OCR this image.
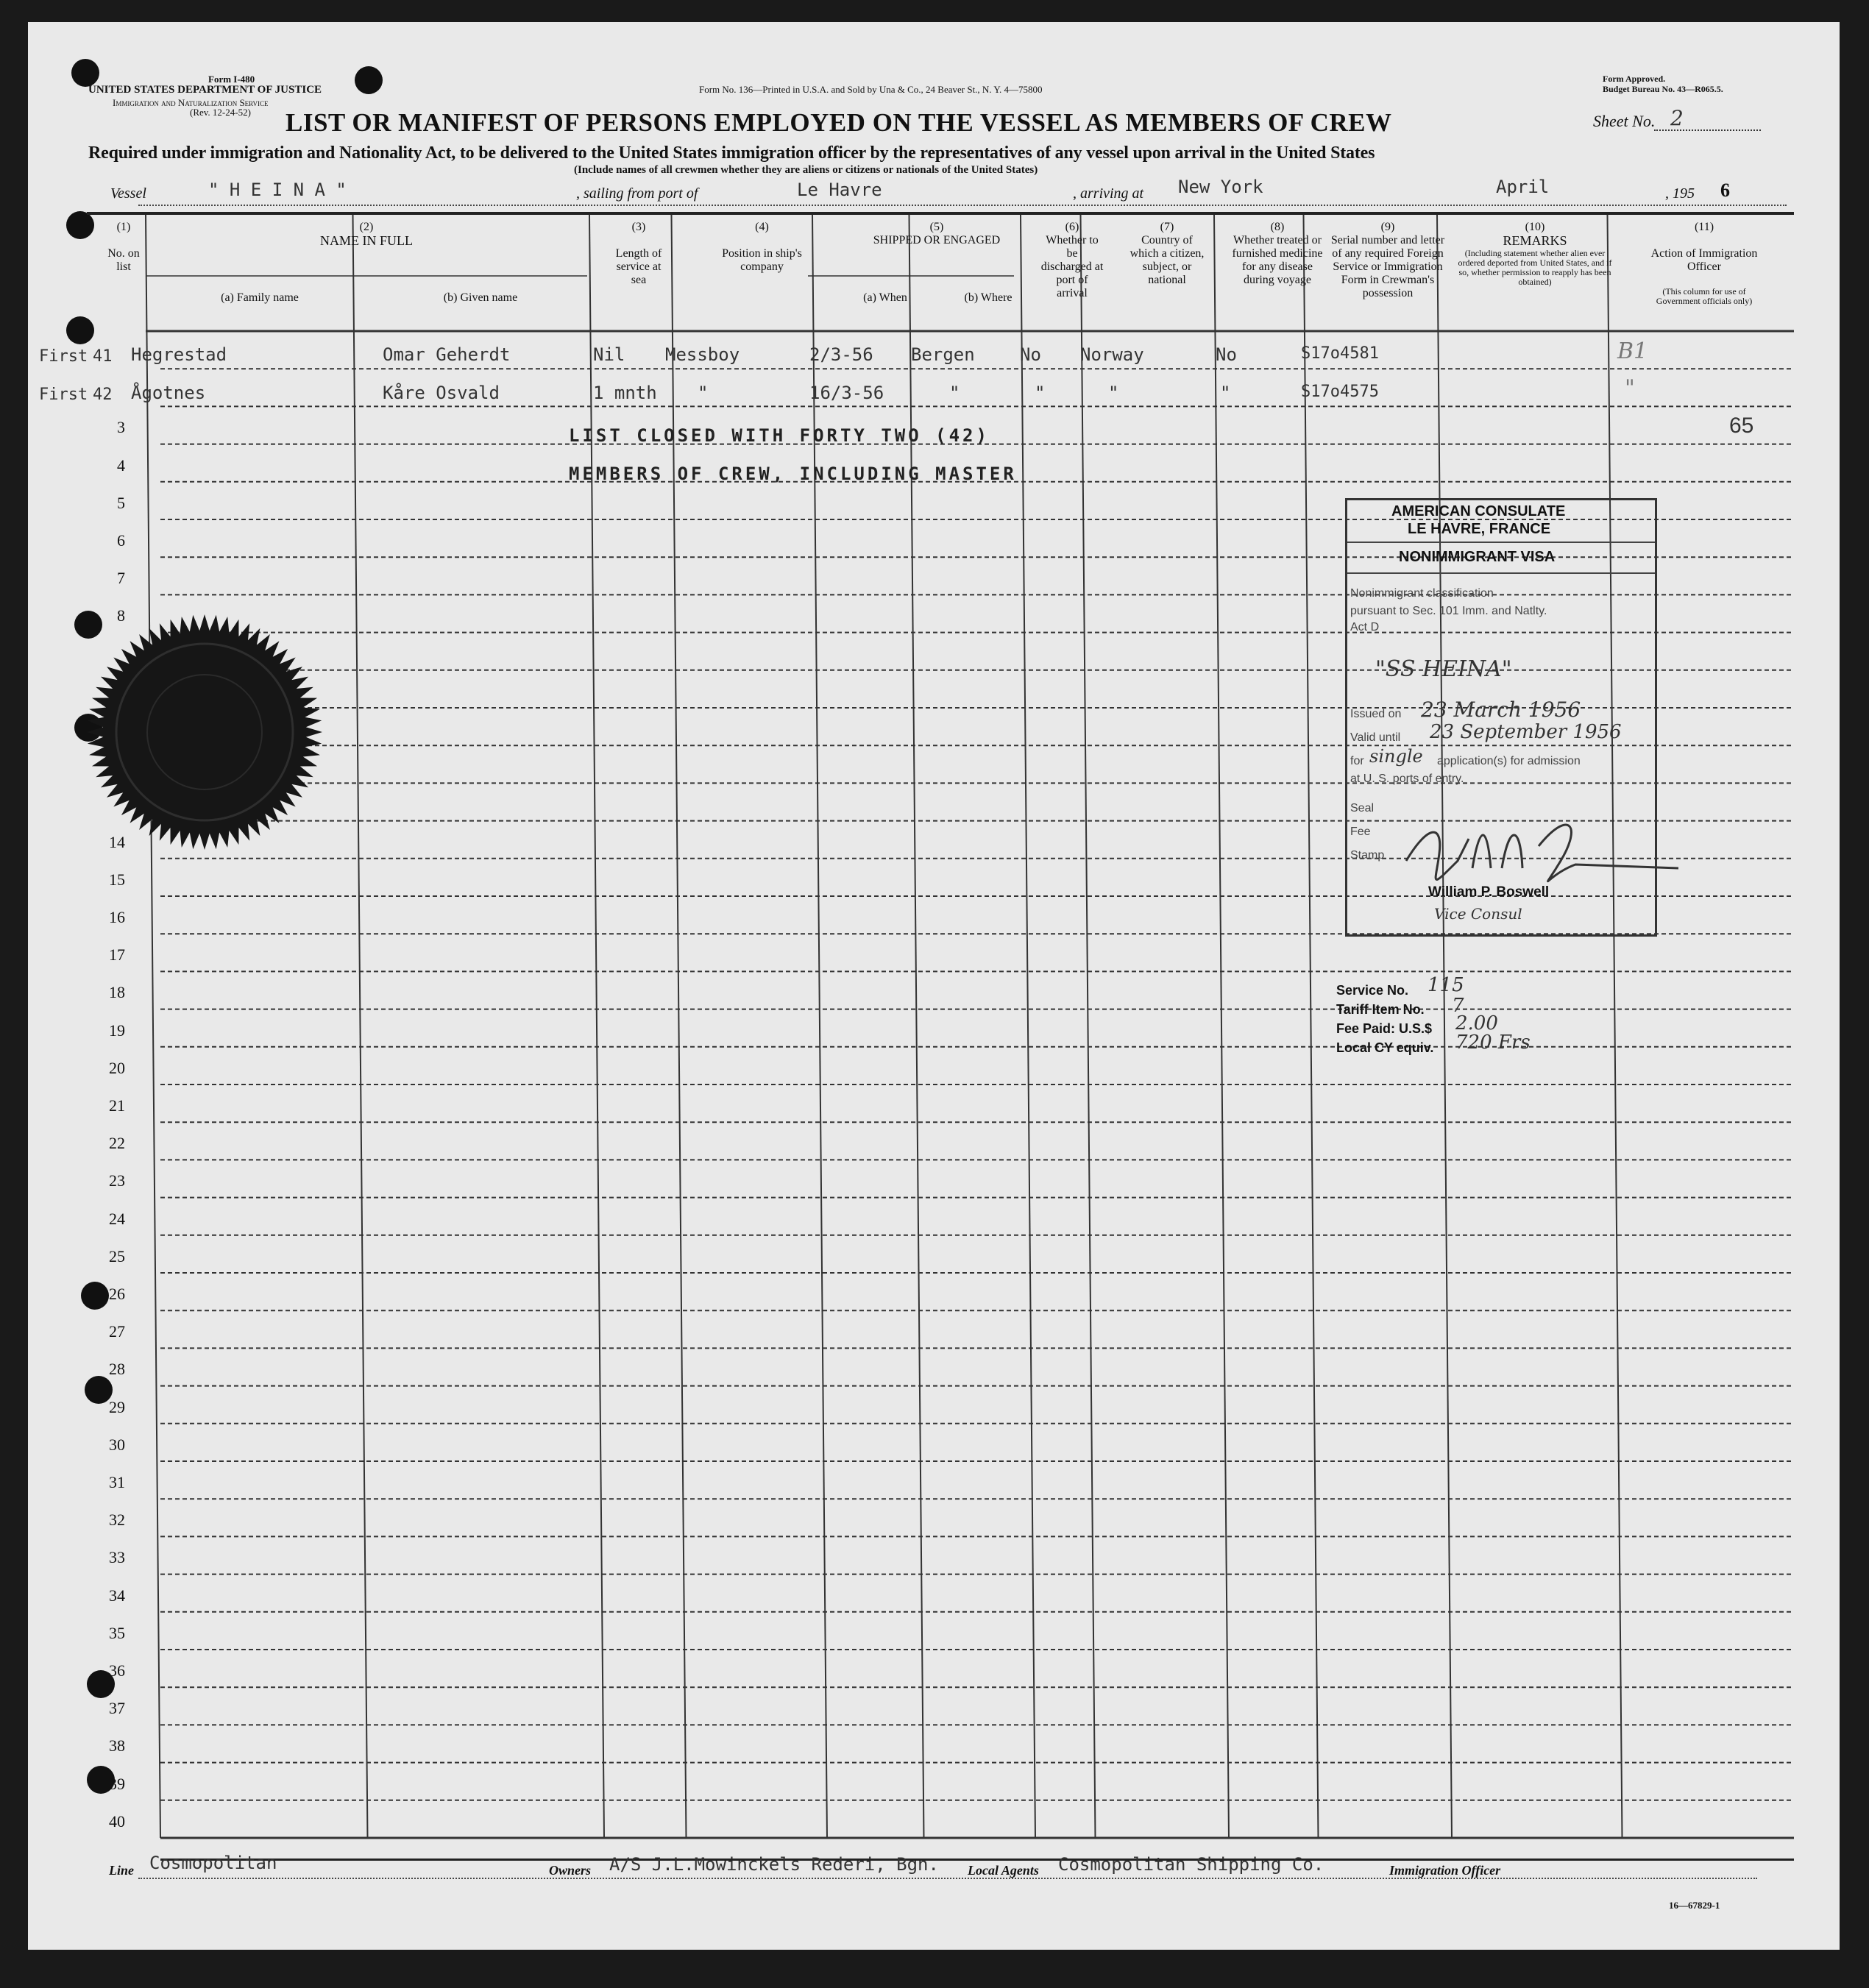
Form I-480
UNITED STATES DEPARTMENT OF JUSTICE
Immigration and Naturalization Service
(Rev. 12-24-52)
Form No. 136—Printed in U.S.A. and Sold by Una & Co., 24 Beaver St., N. Y. 4—75800
Form Approved.
Budget Bureau No. 43—R065.5.
LIST OR MANIFEST OF PERSONS EMPLOYED ON THE VESSEL AS MEMBERS OF CREW	Sheet No. 2
Required under immigration and Nationality Act, to be delivered to the United States immigration officer by the representatives of any vessel upon arrival in the United States
(Include names of all crewmen whether they are aliens or citizens or nationals of the United States)
Vessel	" H E I N A "	, sailing from port of	Le Havre	, arriving at New York	April	, 195 6
(1)

No. on list
(2)
NAME IN FULL
(a) Family name	(b) Given name
(3)

Length of service at sea
(4)

Position in ship's company
(5)
SHIPPED OR ENGAGED
(a) When	(b) Where
(6)
Whether to be discharged at port of arrival
(7)
Country of which a citizen, subject, or national
(8)
Whether treated or furnished medicine for any disease during voyage
(9)
Serial number and letter of any required Foreign Service or Immigration Form in Crewman's possession
(10)
REMARKS
(Including statement whether alien ever ordered deported from United States, and if so, whether permission to reapply has been obtained)
(11)

Action of Immigration Officer

(This column for use of Government officials only)
3
4
5
6
7
8
14
15
16
17
18
19
20
21
22
23
24
25
26
27
28
29
30
31
32
33
34
35
36
37
38
39
40
First 41 Hegrestad	Omar Geherdt	Nil Messboy	2/3-56 Bergen	No Norway	No	S17o4581	B1
First 42 Ågotnes	Kåre Osvald	1 mnth "	16/3-56	"	"	"	"	S17o4575	"
LIST CLOSED WITH FORTY TWO (42)
MEMBERS OF CREW, INCLUDING MASTER
65
AMERICAN CONSULATE
LE HAVRE, FRANCE
NONIMMIGRANT VISA
Nonimmigrant classification
pursuant to Sec. 101 Imm. and Natlty.
Act D
"SS HEINA"
Issued on 23 March 1956
Valid until 23 September 1956
for single application(s) for admission
at U. S. ports of entry.
Seal
Fee
Stamp
William P. Boswell
Vice Consul
Service No. 115
Tariff Item No. 7
Fee Paid: U.S.$ 2.00
Local CY equiv. 720 Frs
Line Cosmopolitan	Owners A/S J.L.Mowinckels Rederi, Bgn. Local Agents Cosmopolitan Shipping Co.	Immigration Officer
16—67829-1
